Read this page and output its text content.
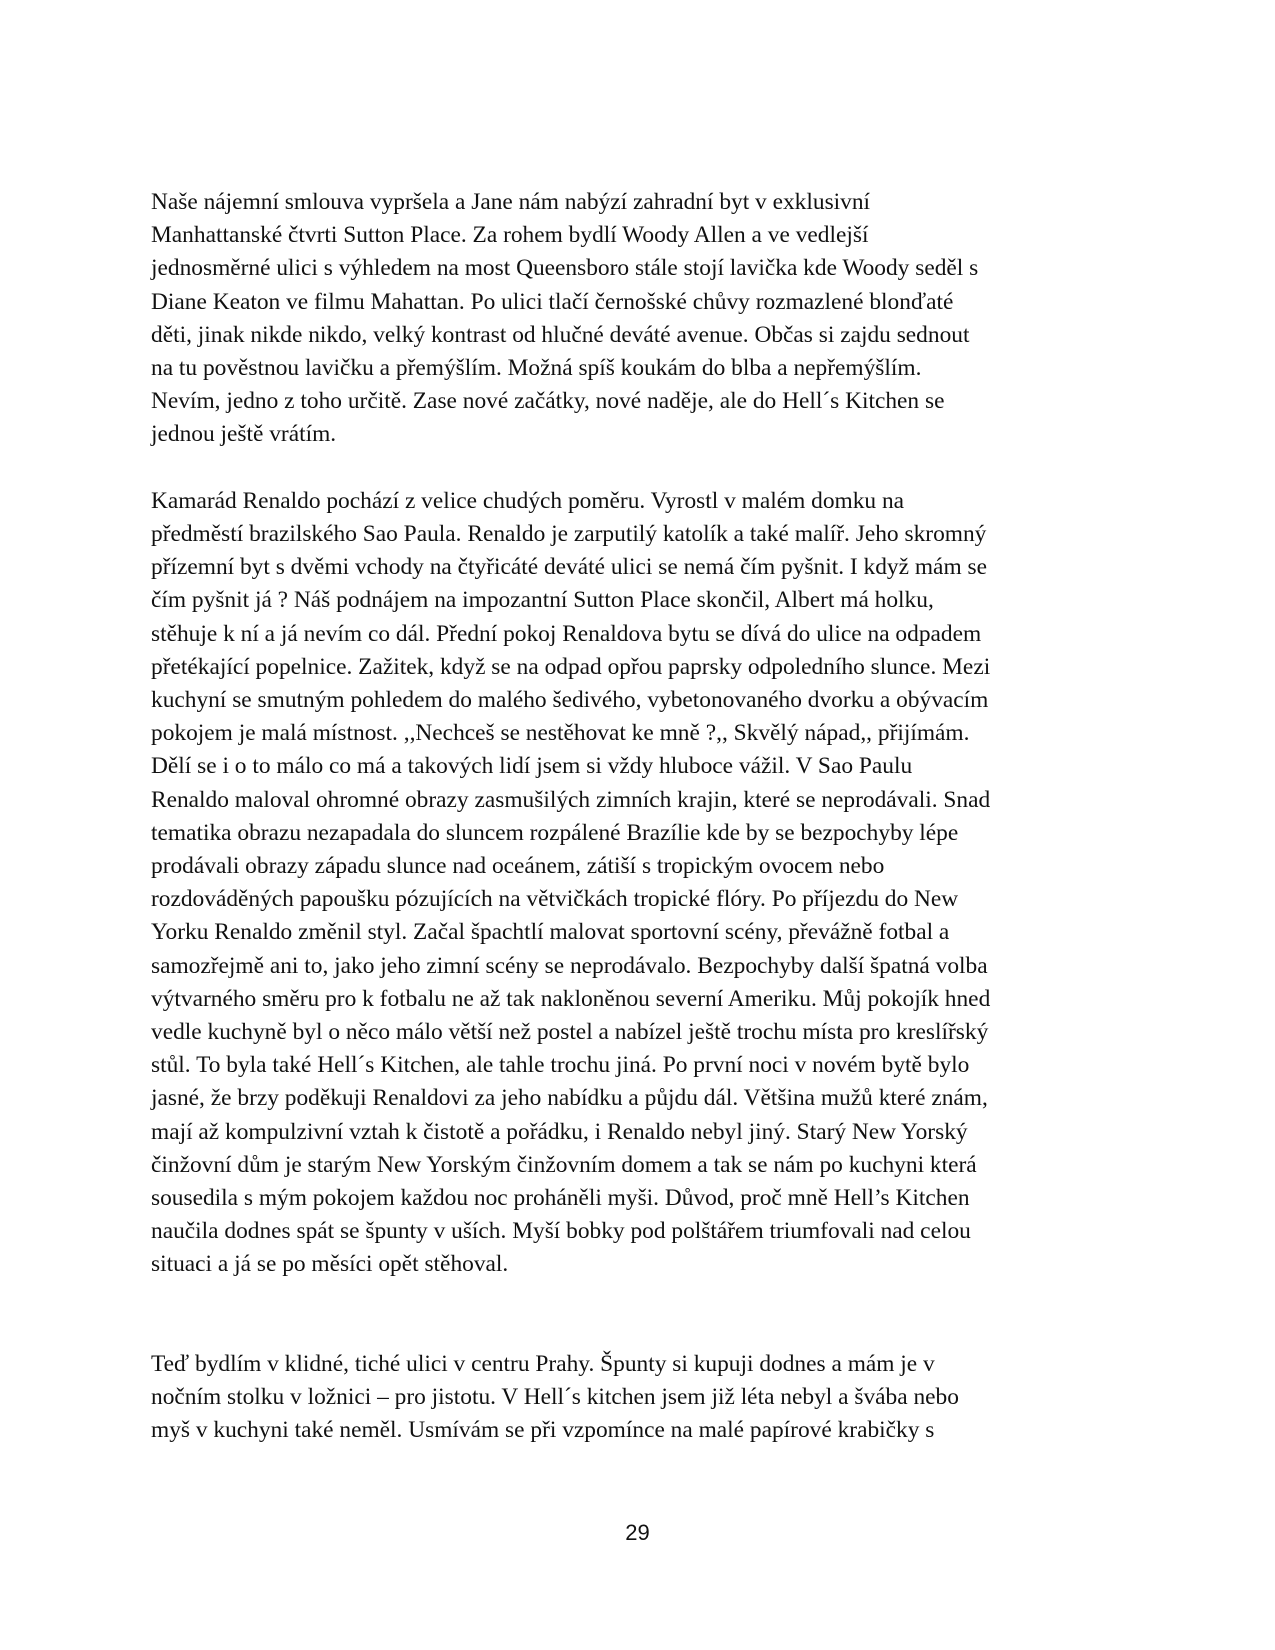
Naše nájemní smlouva vypršela a Jane nám nabýzí zahradní byt v exklusivní
Manhattanské čtvrti Sutton Place. Za rohem bydlí Woody Allen a ve vedlejší
jednosměrné ulici s výhledem na most Queensboro stále stojí lavička kde Woody seděl s
Diane Keaton ve filmu Mahattan. Po ulici tlačí černošské chůvy rozmazlené blonďaté
děti, jinak nikde nikdo, velký kontrast od hlučné deváté avenue. Občas si zajdu sednout
na tu pověstnou lavičku a přemýšlím. Možná spíš koukám do blba a nepřemýšlím.
Nevím, jedno z toho určitě. Zase nové začátky, nové naděje, ale do Hell´s Kitchen se
jednou ještě vrátím.
Kamarád Renaldo pochází z velice chudých poměru. Vyrostl v malém domku na
předměstí brazilského Sao Paula. Renaldo je zarputilý katolík a také malíř. Jeho skromný
přízemní byt s dvěmi vchody na čtyřicáté deváté ulici se nemá čím pyšnit. I když mám se
čím pyšnit já ? Náš podnájem na impozantní Sutton Place skončil, Albert má holku,
stěhuje k ní a já nevím co dál. Přední pokoj Renaldova bytu se dívá do ulice na odpadem
přetékající popelnice. Zažitek, když se na odpad opřou paprsky odpoledního slunce. Mezi
kuchyní se smutným pohledem do malého šedivého, vybetonovaného dvorku a obývacím
pokojem je malá místnost. ,,Nechceš se nestěhovat ke mně ?,, Skvělý nápad,, přijímám.
Dělí se i o to málo co má a takových lidí jsem si vždy hluboce vážil. V Sao Paulu
Renaldo maloval ohromné obrazy zasmušilých zimních krajin, které se neprodávali. Snad
tematika obrazu nezapadala do sluncem rozpálené Brazílie kde by se bezpochyby lépe
prodávali obrazy západu slunce nad oceánem, zátiší s tropickým ovocem nebo
rozdováděných papoušku pózujících na větvičkách tropické flóry. Po příjezdu do New
Yorku Renaldo změnil styl. Začal špachtlí malovat sportovní scény, převážně fotbal a
samozřejmě ani to, jako jeho zimní scény se neprodávalo. Bezpochyby další špatná volba
výtvarného směru pro k fotbalu ne až tak nakloněnou severní Ameriku. Můj pokojík hned
vedle kuchyně byl o něco málo větší než postel a nabízel ještě trochu místa pro kreslířský
stůl. To byla také Hell´s Kitchen, ale tahle trochu jiná. Po první noci v novém bytě bylo
jasné, že brzy poděkuji Renaldovi za jeho nabídku a půjdu dál. Většina mužů které znám,
mají až kompulzivní vztah k čistotě a pořádku, i Renaldo nebyl jiný. Starý New Yorský
činžovní dům je starým New Yorským činžovním domem a tak se nám po kuchyni která
sousedila s mým pokojem každou noc proháněli myši. Důvod, proč mně Hell’s Kitchen
naučila dodnes spát se špunty v uších. Myší bobky pod polštářem triumfovali nad celou
situaci a já se po měsíci opět stěhoval.
Teď bydlím v klidné, tiché ulici v centru Prahy. Špunty si kupuji dodnes a mám je v
nočním stolku v ložnici – pro jistotu. V Hell´s kitchen jsem již léta nebyl a švába nebo
myš v kuchyni také neměl. Usmívám se při vzpomínce na malé papírové krabičky s
29
